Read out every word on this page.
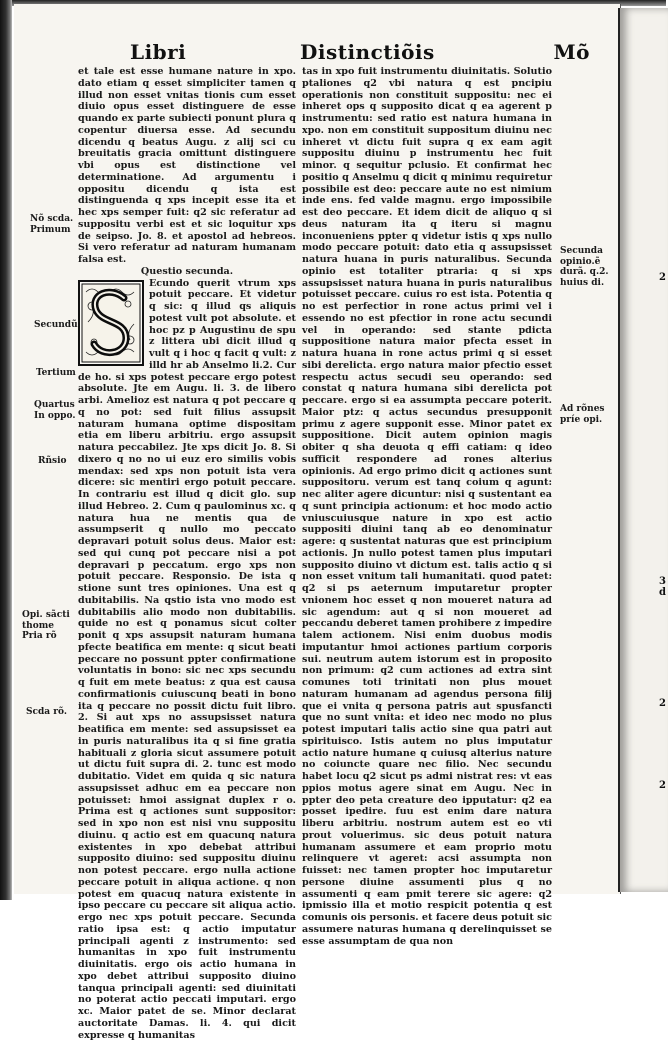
Libri	Distinctiõis	Mõ

et tale est esse humane nature in xpo. dato etiam q esset simpliciter tamen q illud non esset vnitas tionis cum esset diuio opus esset distinguere de esse quando ex parte subiecti ponunt plura q copentur diuersa esse. Ad secundu dicendu q beatus Augu. z alij sci cu breuitatis gracia omittunt distinguere vbi opus est distinctione vel determinatione. Ad argumentu i oppositu dicendu q ista est distinguenda q xps incepit esse ita et hec xps semper fuit: q2 sic referatur ad suppositu verbi est et sic loquitur xps de seipso. Jo. 8. et apostol ad hebreos. Si vero referatur ad naturam humanam falsa est.

Questio secunda.

Ecundo querit vtrum xps potuit peccare. Et videtur q sic: q illud qs aliquis potest vult pot absolute. et hoc pz p Augustinu de spu z littera ubi dicit illud q vult q i hoc q facit q vult: z illd hr ab Anselmo li.2. Cur de ho. si xps potest peccare ergo potest absolute. Jte em Augu. li. 3. de libero arbi. Amelioz est natura q pot peccare q q no pot: sed fuit filius assupsit naturam humana optime dispositam etia em liberu arbitriu. ergo assupsit natura peccabilez. Jte xps dicit Jo. 8. Si dixero q no no ui euz ero similis vobis mendax: sed xps non potuit ista vera dicere: sic mentiri ergo potuit peccare. In contrariu est illud q dicit glo. sup illud Hebreo. 2. Cum q paulominus xc. q natura hua ne mentis qua de assumpserit q nullo mo peccato depravari potuit solus deus. Maior est: sed qui cunq pot peccare nisi a pot depravari p peccatum. ergo xps non potuit peccare. Responsio. De ista q stione sunt tres opiniones. Una est q dubitabilis. Na qstio ista vno modo est dubitabilis alio modo non dubitabilis. quide no est q ponamus sicut colter ponit q xps assupsit naturam humana pfecte beatifica em mente: q sicut beati peccare no possunt ppter confirmatione voluntatis in bono: sic nec xps secundu q fuit em mete beatus: z qua est causa confirmationis cuiuscunq beati in bono ita q peccare no possit dictu fuit libro. 2. Si aut xps no assupsisset natura beatifica em mente: sed assupsisset ea in puris naturalibus ita q si fine gratia habituali z gloria sicut assumere potuit ut dictu fuit supra di. 2. tunc est modo dubitatio. Videt em quida q sic natura assupsisset adhuc em ea peccare non potuisset: hmoi assignat duplex r o. Prima est q actiones sunt suppositor: sed in xpo non est nisi vnu suppositu diuinu. q actio est em quacunq natura existentes in xpo debebat attribui supposito diuino: sed suppositu diuinu non potest peccare. ergo nulla actione peccare potuit in aliqua actione. q non potest em quacuq natura existente in ipso peccare cu peccare sit aliqua actio. ergo nec xps potuit peccare. Secunda ratio ipsa est: q actio imputatur principali agenti z instrumento: sed humanitas in xpo fuit instrumentu diuinitatis. ergo ois actio humana in xpo debet attribui supposito diuino tanqua principali agenti: sed diuinitati no poterat actio peccati imputari. ergo xc. Maior patet de se. Minor declarat auctoritate Damas. li. 4. qui dicit expresse q humanitas

tas in xpo fuit instrumentu diuinitatis. Solutio ptaliones q2 vbi natura q est pncipiu operationis non constituit suppositu: nec ei inheret ops q supposito dicat q ea agerent p instrumentu: sed ratio est natura humana in xpo. non em constituit suppositum diuinu nec inheret vt dictu fuit supra q ex eam agit suppositu diuinu p instrumentu hec fuit minor. q sequitur pclusio. Et confirmat hec positio q Anselmu q dicit q minimu requiretur possibile est deo: peccare aute no est nimium inde ens. fed valde magnu. ergo impossibile est deo peccare. Et idem dicit de aliquo q si deus naturam ita q iteru si magnu inconueniens ppter q videtur istis q xps nullo modo peccare potuit: dato etia q assupsisset natura huana in puris naturalibus. Secunda opinio est totaliter ptraria: q si xps assupsisset natura huana in puris naturalibus potuisset peccare. cuius ro est ista. Potentia q no est perfectior in rone actus primi vel i essendo no est pfectior in rone actu secundi vel in operando: sed stante pdicta suppositione natura maior pfecta esset in natura huana in rone actus primi q si esset sibi derelicta. ergo natura maior pfectio esset respectu actus secudi seu operando: sed constat q natura humana sibi derelicta pot peccare. ergo si ea assumpta peccare poterit. Maior ptz: q actus secundus presupponit primu z agere supponit esse. Minor patet ex suppositione. Dicit autem opinion magis obiter q sha deuota q effi catiam: q ideo sufficit respondere ad rones alterius opinionis. Ad ergo primo dicit q actiones sunt suppositoru. verum est tanq coium q agunt: nec aliter agere dicuntur: nisi q sustentant ea q sunt principia actionum: et hoc modo actio vniuscuiusque nature in xpo est actio suppositi diuini tanq ab eo denominatur agere: q sustentat naturas que est principium actionis. Jn nullo potest tamen plus imputari supposito diuino vt dictum est. talis actio q si non esset vnitum tali humanitati. quod patet: q2 si ps aeternum imputaretur propter vnionem hoc esset q non moueret natura ad sic agendum: aut q si non moueret ad peccandu deberet tamen prohibere z impedire talem actionem. Nisi enim duobus modis imputantur hmoi actiones partium corporis sui. neutrum autem istorum est in proposito non primum: q2 cum actiones ad extra sint comunes toti trinitati non plus mouet naturam humanam ad agendus persona filij que ei vnita q persona patris aut spusfancti que no sunt vnita: et ideo nec modo no plus potest imputari talis actio sine qua patri aut spirituisco. Istis autem no plus imputatur actio nature humane q cuiusq alterius nature no coiuncte quare nec filio. Nec secundu habet locu q2 sicut ps admi nistrat res: vt eas ppios motus agere sinat em Augu. Nec in ppter deo peta creature deo ipputatur: q2 ea posset ipedire. fuu est enim dare natura liberu arbitriu. nostrum autem est eo vti prout voluerimus. sic deus potuit natura humanam assumere et eam proprio motu relinquere vt ageret: acsi assumpta non fuisset: nec tamen propter hoc imputaretur persone diuine assumenti plus q no assumenti q eam pmit terere sic agere: q2 ipmissio illa et motio respicit potentia q est comunis ois personis. et facere deus potuit sic assumere naturas humana q derelinquisset se esse assumptam de qua non

Nõ scda.
Primum
Secundũ
Tertium
Quartus
In oppo.
Rñsio
Opi. sãcti
thome
Pria rõ
Scda rõ.
Secunda
opinio.ẽ
durã. q.2.
huius di.
Ad rõnes
príe opi.
2
3
d
2
2
